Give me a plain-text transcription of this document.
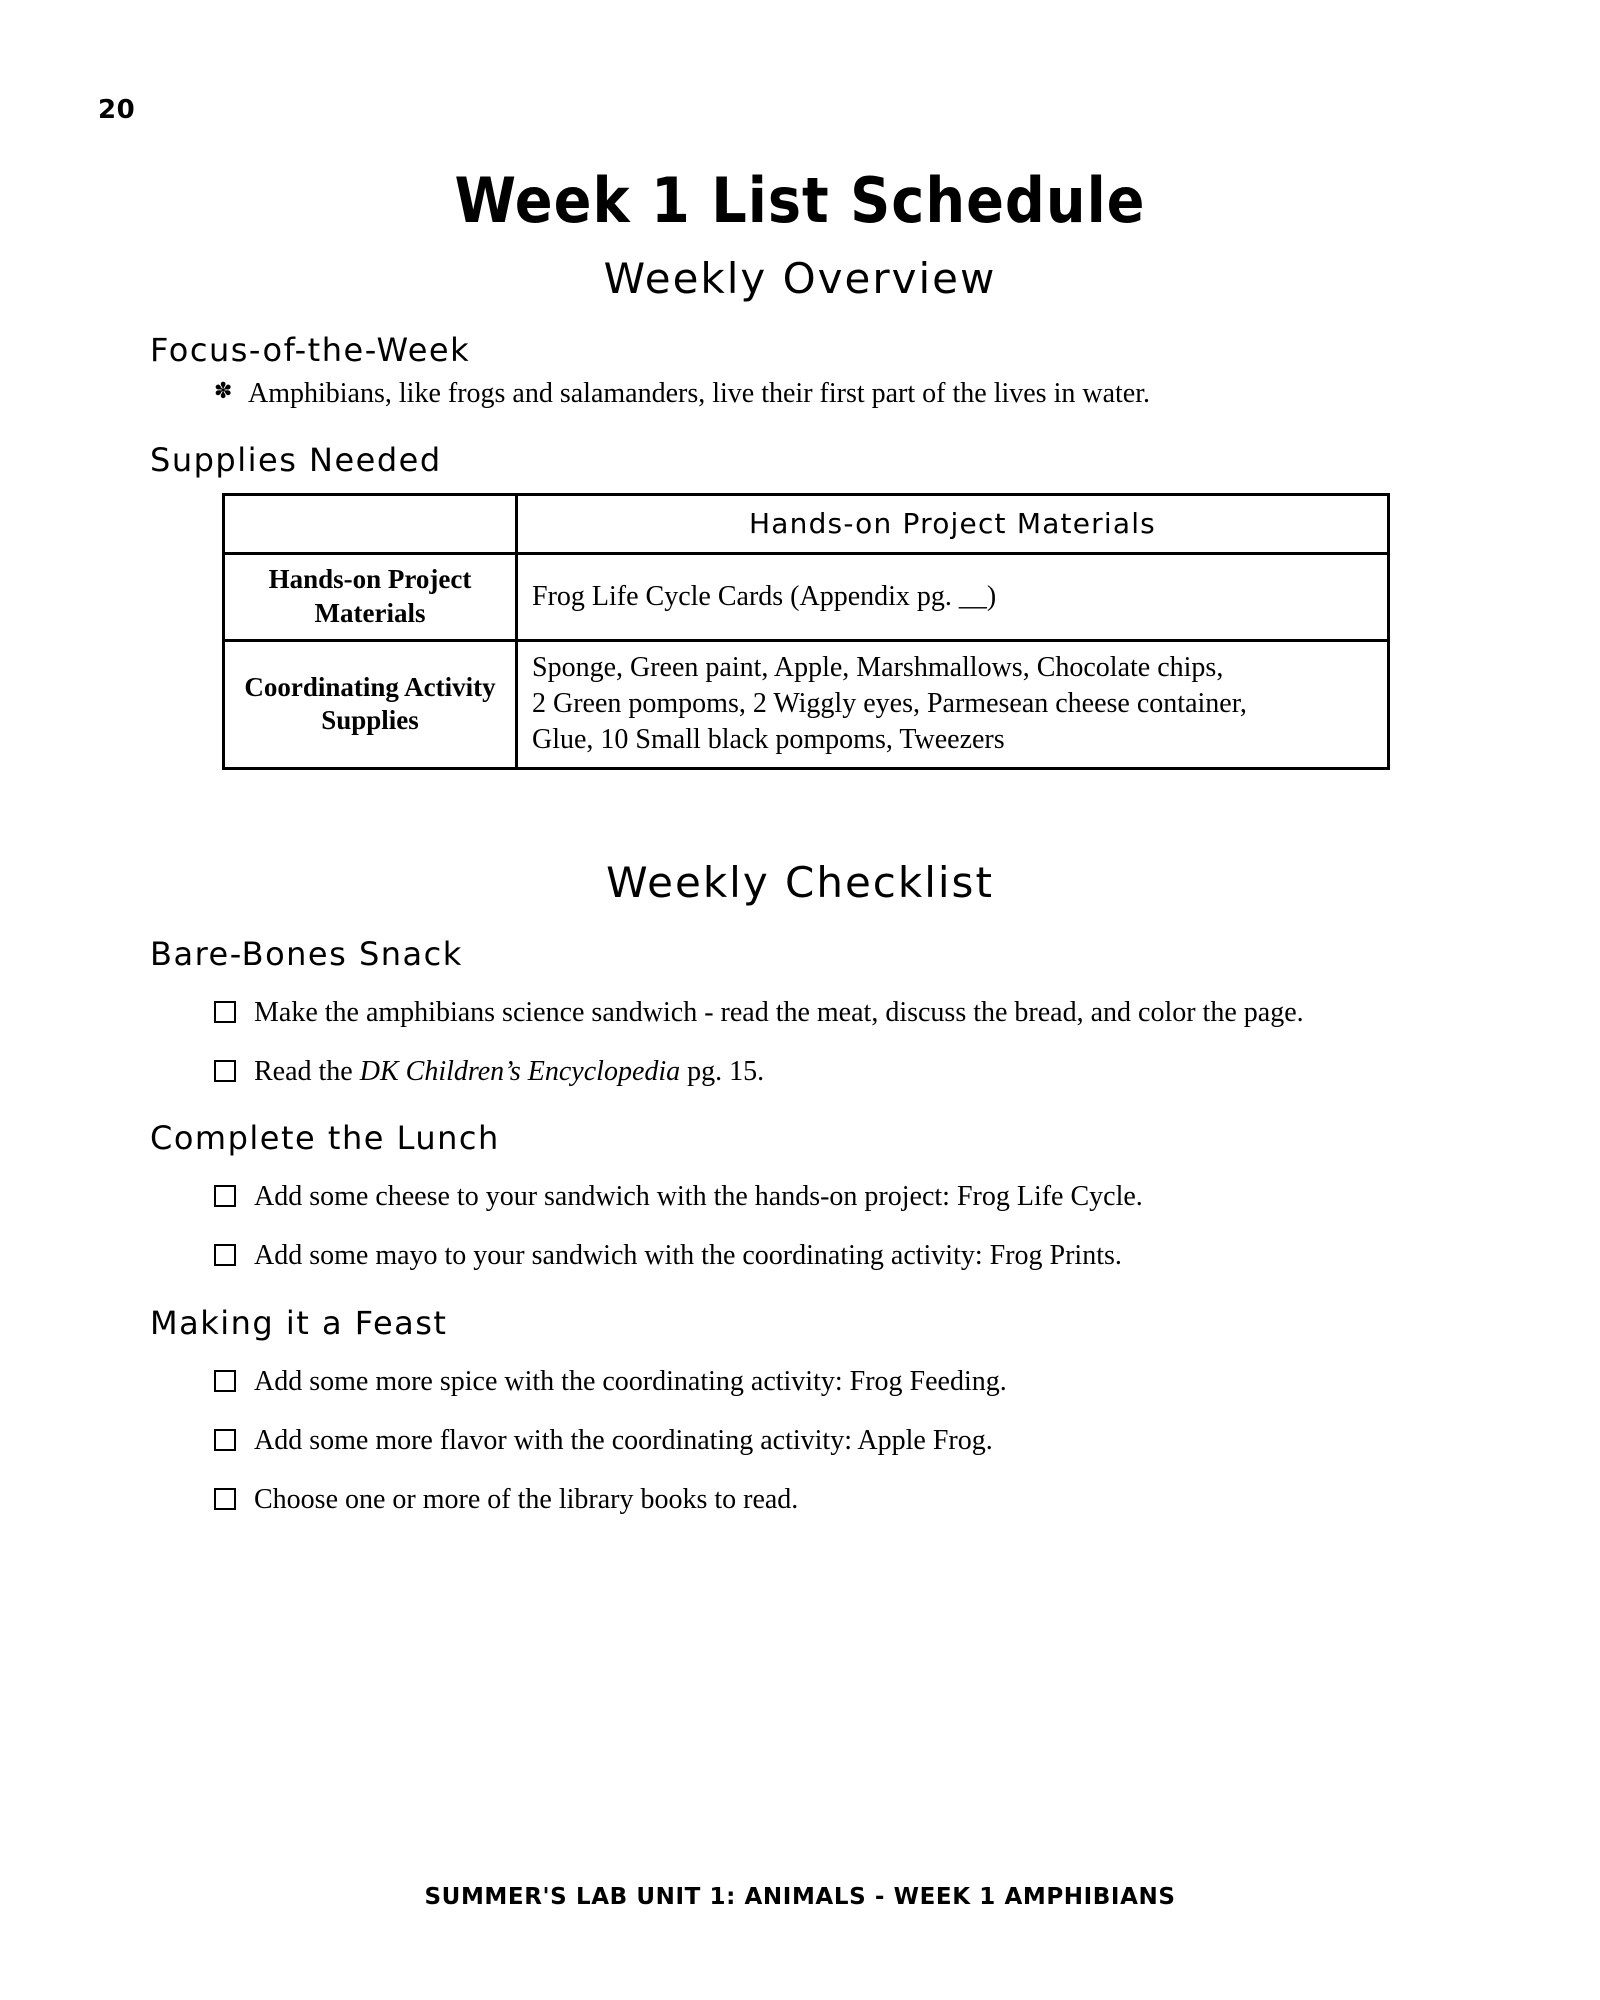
20
Week 1 List Schedule
Weekly Overview
Focus-of-the-Week
✽ Amphibians, like frogs and salamanders, live their first part of the lives in water.
Supplies Needed
	Hands-on Project Materials
Hands-on Project Materials	Frog Life Cycle Cards (Appendix pg. __)

Coordinating Activity Supplies	Sponge, Green paint, Apple, Marshmallows, Chocolate chips,
2 Green pompoms, 2 Wiggly eyes, Parmesean cheese container,
Glue, 10 Small black pompoms, Tweezers
Weekly Checklist
Bare-Bones Snack
Make the amphibians science sandwich - read the meat, discuss the bread, and color the page.
Read the DK Children’s Encyclopedia pg. 15.
Complete the Lunch
Add some cheese to your sandwich with the hands-on project: Frog Life Cycle.
Add some mayo to your sandwich with the coordinating activity: Frog Prints.
Making it a Feast
Add some more spice with the coordinating activity: Frog Feeding.
Add some more flavor with the coordinating activity: Apple Frog.
Choose one or more of the library books to read.
SUMMER'S LAB UNIT 1: ANIMALS - WEEK 1 AMPHIBIANS
